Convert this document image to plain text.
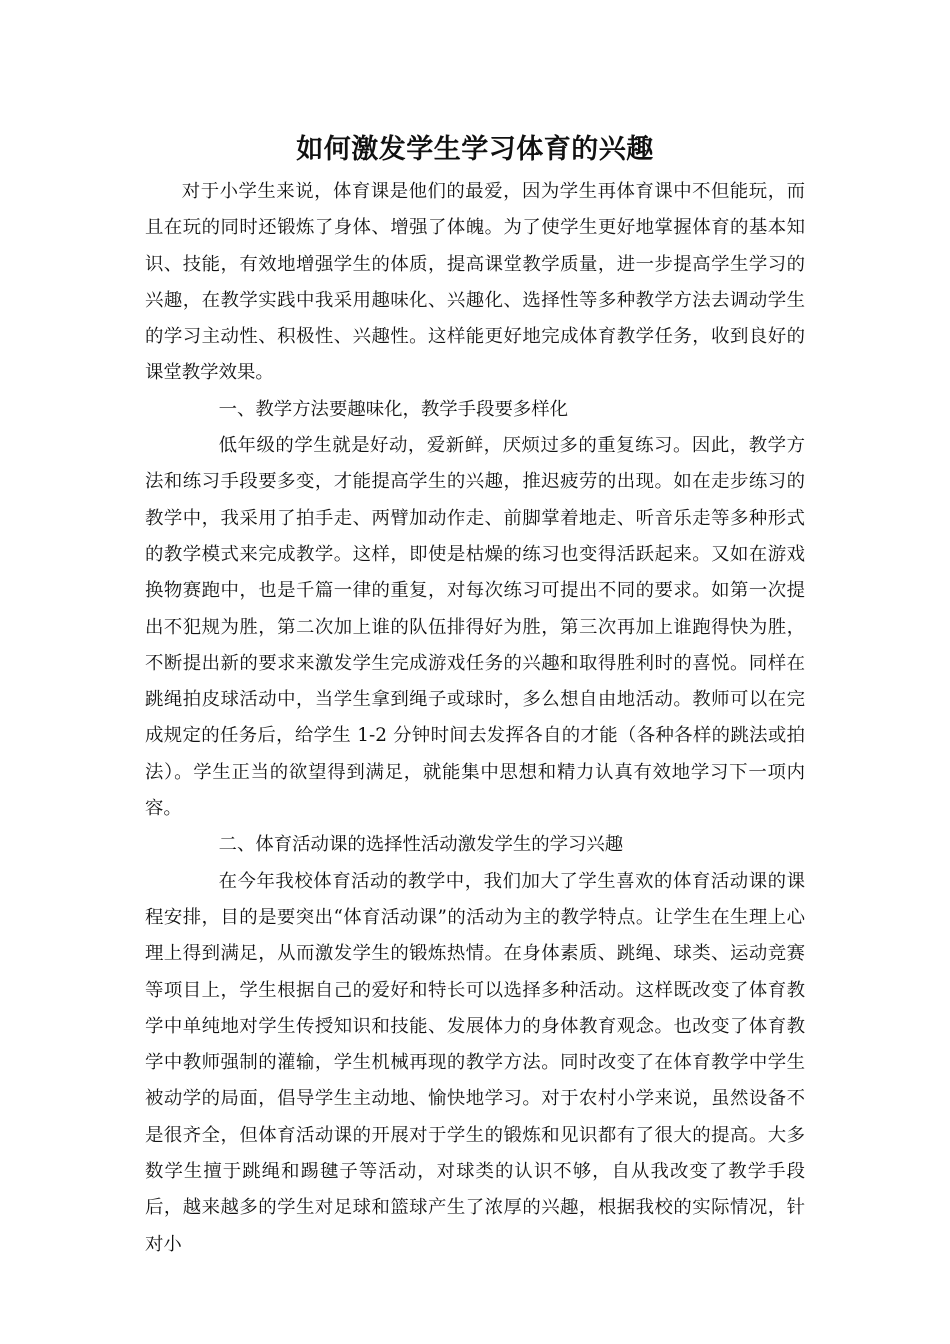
如何激发学生学习体育的兴趣

对于小学生来说，体育课是他们的最爱，因为学生再体育课中不但能玩，而且在玩的同时还锻炼了身体、增强了体魄。为了使学生更好地掌握体育的基本知识、技能，有效地增强学生的体质，提高课堂教学质量，进一步提高学生学习的兴趣，在教学实践中我采用趣味化、兴趣化、选择性等多种教学方法去调动学生的学习主动性、积极性、兴趣性。这样能更好地完成体育教学任务，收到良好的课堂教学效果。

一、教学方法要趣味化，教学手段要多样化

低年级的学生就是好动，爱新鲜，厌烦过多的重复练习。因此，教学方法和练习手段要多变，才能提高学生的兴趣，推迟疲劳的出现。如在走步练习的教学中，我采用了拍手走、两臂加动作走、前脚掌着地走、听音乐走等多种形式的教学模式来完成教学。这样，即使是枯燥的练习也变得活跃起来。又如在游戏换物赛跑中，也是千篇一律的重复，对每次练习可提出不同的要求。如第一次提出不犯规为胜，第二次加上谁的队伍排得好为胜，第三次再加上谁跑得快为胜，不断提出新的要求来激发学生完成游戏任务的兴趣和取得胜利时的喜悦。同样在跳绳拍皮球活动中，当学生拿到绳子或球时，多么想自由地活动。教师可以在完成规定的任务后，给学生 1-2 分钟时间去发挥各自的才能（各种各样的跳法或拍法）。学生正当的欲望得到满足，就能集中思想和精力认真有效地学习下一项内容。

二、体育活动课的选择性活动激发学生的学习兴趣

在今年我校体育活动的教学中，我们加大了学生喜欢的体育活动课的课程安排，目的是要突出“体育活动课”的活动为主的教学特点。让学生在生理上心理上得到满足，从而激发学生的锻炼热情。在身体素质、跳绳、球类、运动竞赛等项目上，学生根据自己的爱好和特长可以选择多种活动。这样既改变了体育教学中单纯地对学生传授知识和技能、发展体力的身体教育观念。也改变了体育教学中教师强制的灌输，学生机械再现的教学方法。同时改变了在体育教学中学生被动学的局面，倡导学生主动地、愉快地学习。对于农村小学来说，虽然设备不是很齐全，但体育活动课的开展对于学生的锻炼和见识都有了很大的提高。大多数学生擅于跳绳和踢毽子等活动，对球类的认识不够，自从我改变了教学手段后，越来越多的学生对足球和篮球产生了浓厚的兴趣，根据我校的实际情况，针对小
